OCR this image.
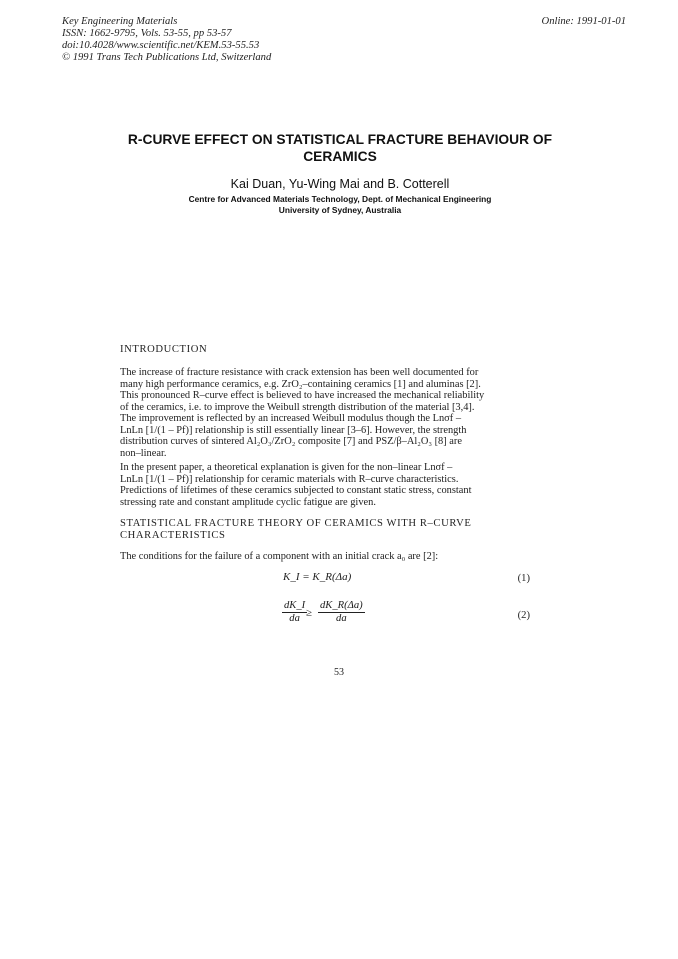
Key Engineering Materials
ISSN: 1662-9795, Vols. 53-55, pp 53-57
doi:10.4028/www.scientific.net/KEM.53-55.53
© 1991 Trans Tech Publications Ltd, Switzerland
Online: 1991-01-01
R-CURVE EFFECT ON STATISTICAL FRACTURE BEHAVIOUR OF
CERAMICS
Kai Duan, Yu-Wing Mai and B. Cotterell
Centre for Advanced Materials Technology, Dept. of Mechanical Engineering
University of Sydney, Australia
INTRODUCTION
The increase of fracture resistance with crack extension has been well documented for
many high performance ceramics, e.g. ZrO₂–containing ceramics [1] and aluminas [2].
This pronounced R–curve effect is believed to have increased the mechanical reliability
of the ceramics, i.e. to improve the Weibull strength distribution of the material [3,4].
The improvement is reflected by an increased Weibull modulus though the Lnσf –
LnLn [1/(1 – Pf)] relationship is still essentially linear [3–6]. However, the strength
distribution curves of sintered Al₂O₃/ZrO₂ composite [7] and PSZ/β–Al₂O₃ [8] are
non–linear.
In the present paper, a theoretical explanation is given for the non–linear Lnσf –
LnLn [1/(1 – Pf)] relationship for ceramic materials with R–curve characteristics.
Predictions of lifetimes of these ceramics subjected to constant static stress, constant
stressing rate and constant amplitude cyclic fatigue are given.
STATISTICAL FRACTURE THEORY OF CERAMICS WITH R–CURVE CHARACTERISTICS
The conditions for the failure of a component with an initial crack a₀ are [2]:
K_I = K_R(Δa)	(1)
$\frac{dK\_I}{da}$
≥ $\frac{dK\_R(\Delta a)}{da}$	(2)
53
